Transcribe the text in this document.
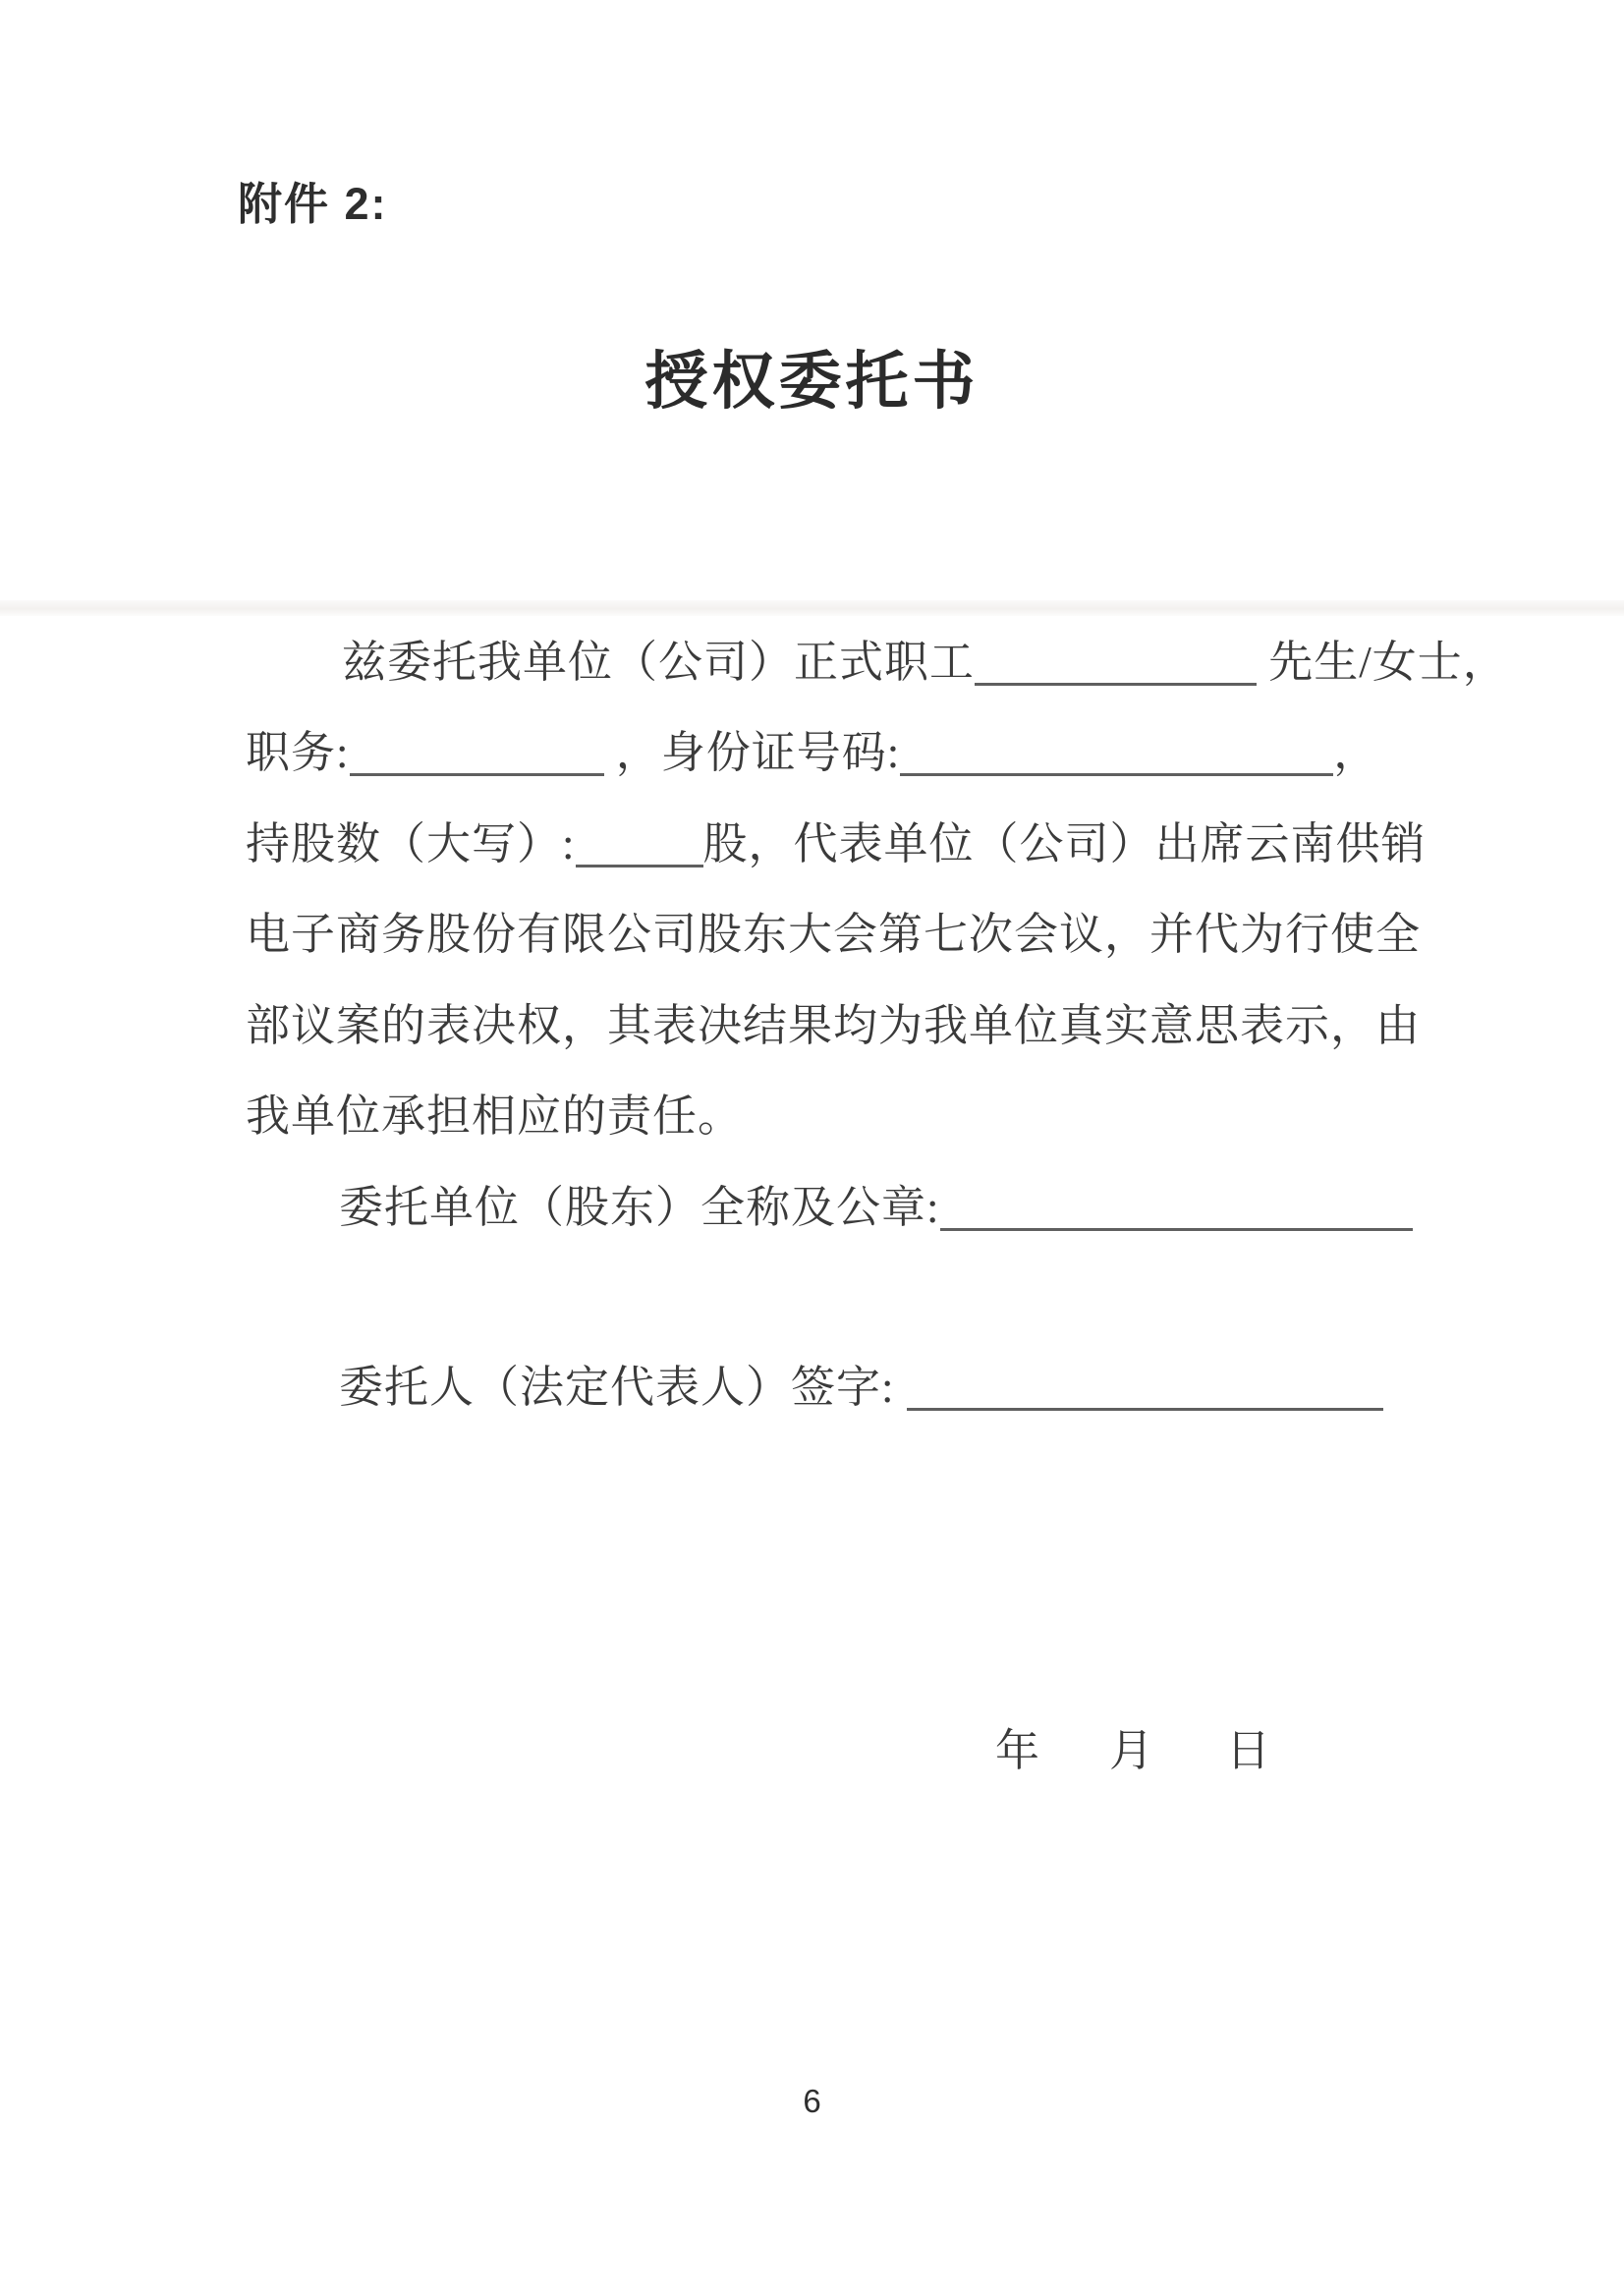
附件 2:
授权委托书
兹委托我单位（公司）正式职工	先生/女士，
职务:	，身份证号码:	，
持股数（大写）:	股，代表单位（公司）出席云南供销
电子商务股份有限公司股东大会第七次会议，并代为行使全
部议案的表决权，其表决结果均为我单位真实意思表示，由
我单位承担相应的责任。
委托单位（股东）全称及公章:
委托人（法定代表人）签字:
年 月 日
6
